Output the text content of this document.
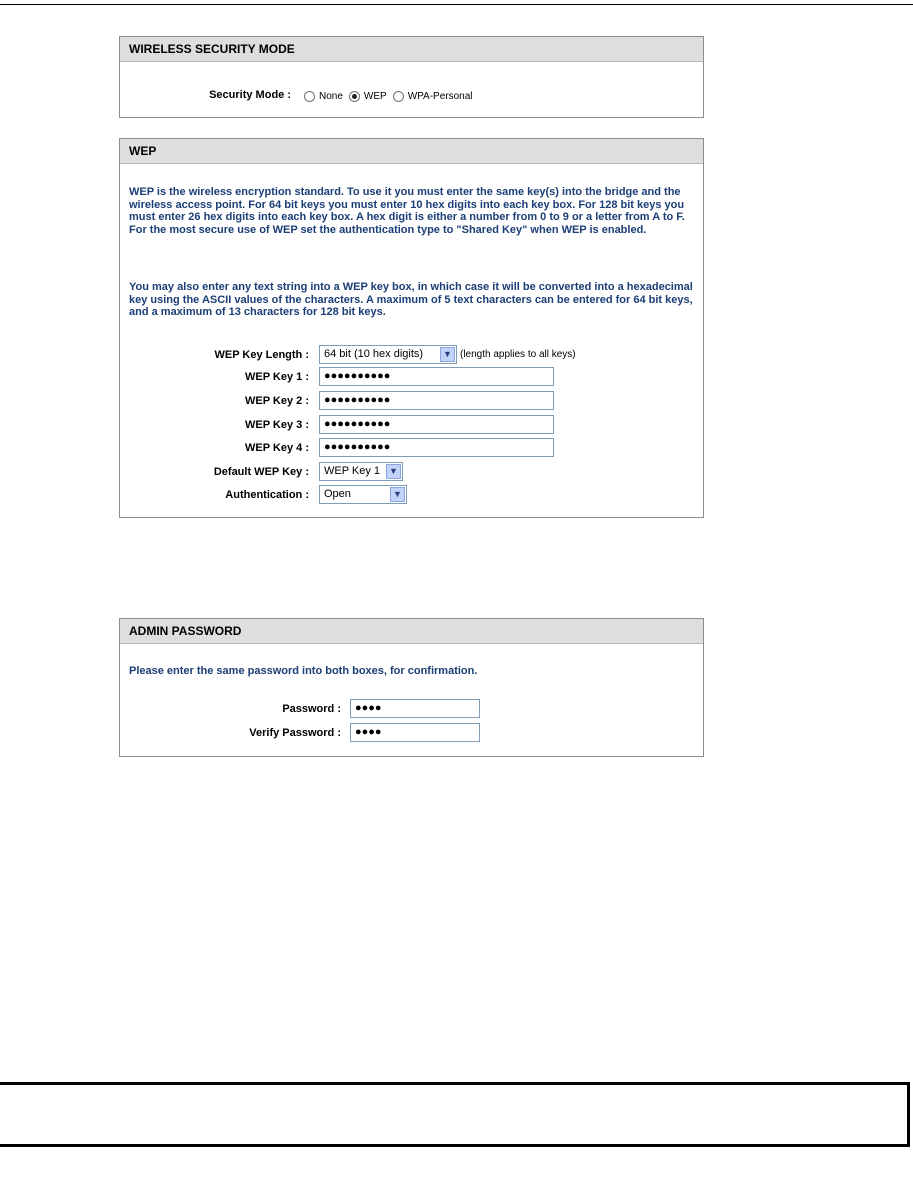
WIRELESS SECURITY MODE
Security Mode :	None WEP WPA-Personal
WEP
WEP is the wireless encryption standard. To use it you must enter the same key(s) into the bridge and the wireless access point. For 64 bit keys you must enter 10 hex digits into each key box. For 128 bit keys you must enter 26 hex digits into each key box. A hex digit is either a number from 0 to 9 or a letter from A to F. For the most secure use of WEP set the authentication type to "Shared Key" when WEP is enabled.
You may also enter any text string into a WEP key box, in which case it will be converted into a hexadecimal key using the ASCII values of the characters. A maximum of 5 text characters can be entered for 64 bit keys, and a maximum of 13 characters for 128 bit keys.
WEP Key Length :	64 bit (10 hex digits)	▼ (length applies to all keys)
WEP Key 1 :	●●●●●●●●●●
WEP Key 2 :	●●●●●●●●●●
WEP Key 3 :	●●●●●●●●●●
WEP Key 4 :	●●●●●●●●●●
Default WEP Key :	WEP Key 1 ▼
Authentication :	Open	▼
ADMIN PASSWORD
Please enter the same password into both boxes, for confirmation.
Password :	●●●●
Verify Password :	●●●●
